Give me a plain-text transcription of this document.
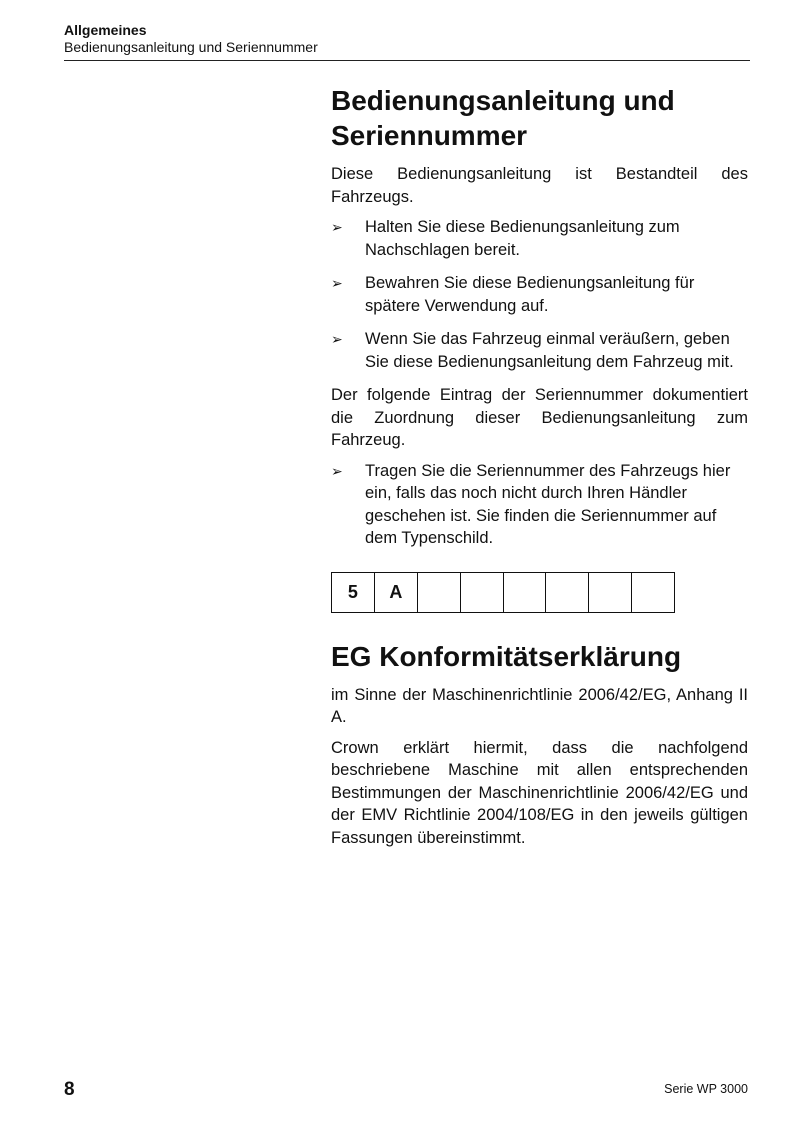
Allgemeines
Bedienungsanleitung und Seriennummer
Bedienungsanleitung und
Seriennummer

Diese Bedienungsanleitung ist Bestandteil des Fahrzeugs.

➢	Halten Sie diese Bedienungsanleitung zum Nachschlagen bereit.
➢	Bewahren Sie diese Bedienungsanleitung für spätere Verwendung auf.
➢	Wenn Sie das Fahrzeug einmal veräußern, geben Sie diese Bedienungsanleitung dem Fahrzeug mit.

Der folgende Eintrag der Seriennummer dokumentiert die Zuordnung dieser Bedienungsanleitung zum Fahrzeug.

➢	Tragen Sie die Seriennummer des Fahrzeugs hier ein, falls das noch nicht durch Ihren Händler geschehen ist. Sie finden die Seriennummer auf dem Typenschild.
5	A
EG Konformitätserklärung

im Sinne der Maschinenrichtlinie 2006/42/EG, Anhang II A.

Crown erklärt hiermit, dass die nachfolgend beschriebene Maschine mit allen entsprechenden Bestimmungen der Maschinenrichtlinie 2006/42/EG und der EMV Richtlinie 2004/108/EG in den jeweils gültigen Fassungen übereinstimmt.

8	Serie WP 3000
